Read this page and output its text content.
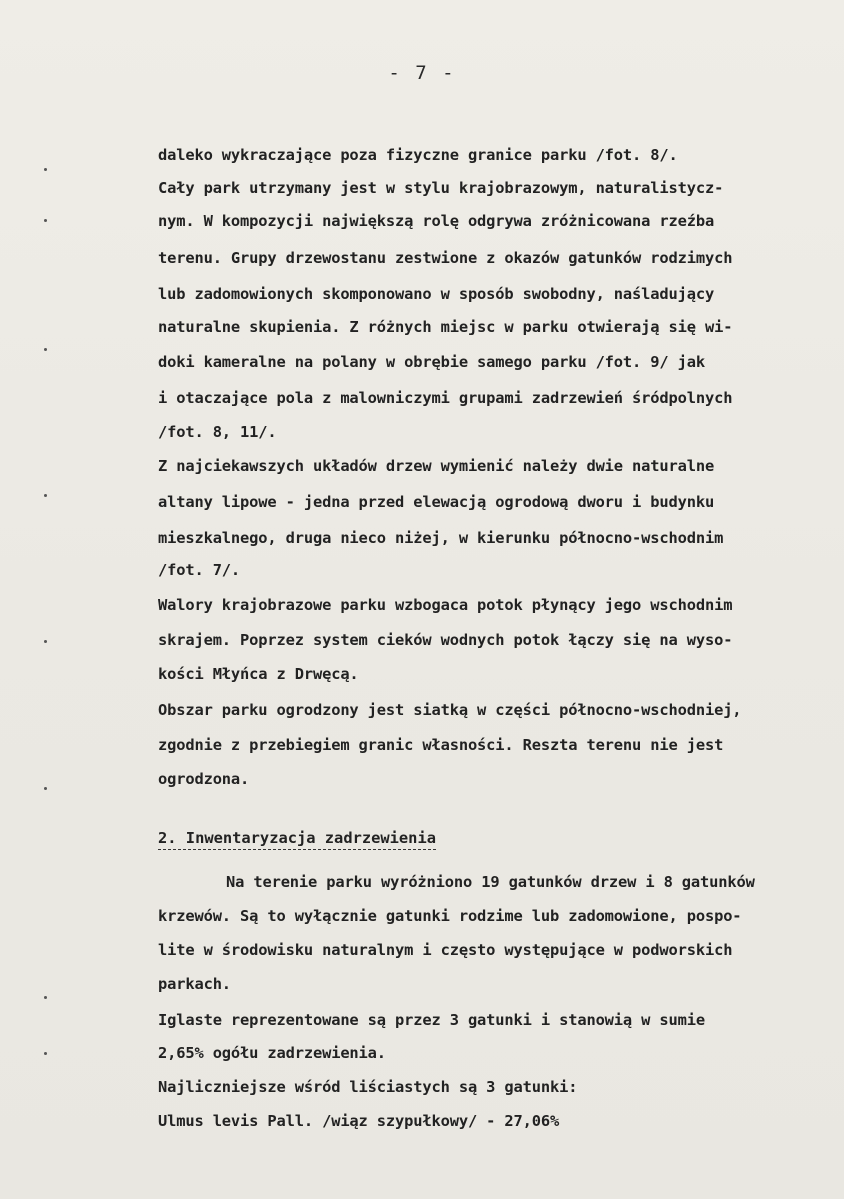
- 7 -
daleko wykraczające poza fizyczne granice parku /fot. 8/.
Cały park utrzymany jest w stylu krajobrazowym, naturalistycz-
nym. W kompozycji największą rolę odgrywa zróżnicowana rzeźba
terenu. Grupy drzewostanu zestwione z okazów gatunków rodzimych
lub zadomowionych skomponowano w sposób swobodny, naśladujący
naturalne skupienia. Z różnych miejsc w parku otwierają się wi-
doki kameralne na polany w obrębie samego parku /fot. 9/ jak
i otaczające pola z malowniczymi grupami zadrzewień śródpolnych
/fot. 8, 11/.
Z najciekawszych układów drzew wymienić należy dwie naturalne
altany lipowe - jedna przed elewacją ogrodową dworu i budynku
mieszkalnego, druga nieco niżej, w kierunku północno-wschodnim
/fot. 7/.
Walory krajobrazowe parku wzbogaca potok płynący jego wschodnim
skrajem. Poprzez system cieków wodnych potok łączy się na wyso-
kości Młyńca z Drwęcą.
Obszar parku ogrodzony jest siatką w części północno-wschodniej,
zgodnie z przebiegiem granic własności. Reszta terenu nie jest
ogrodzona.
2. Inwentaryzacja zadrzewienia
Na terenie parku wyróżniono 19 gatunków drzew i 8 gatunków
krzewów. Są to wyłącznie gatunki rodzime lub zadomowione, pospo-
lite w środowisku naturalnym i często występujące w podworskich
parkach.
Iglaste reprezentowane są przez 3 gatunki i stanowią w sumie
2,65% ogółu zadrzewienia.
Najliczniejsze wśród liściastych są 3 gatunki:
Ulmus levis Pall. /wiąz szypułkowy/ - 27,06%
